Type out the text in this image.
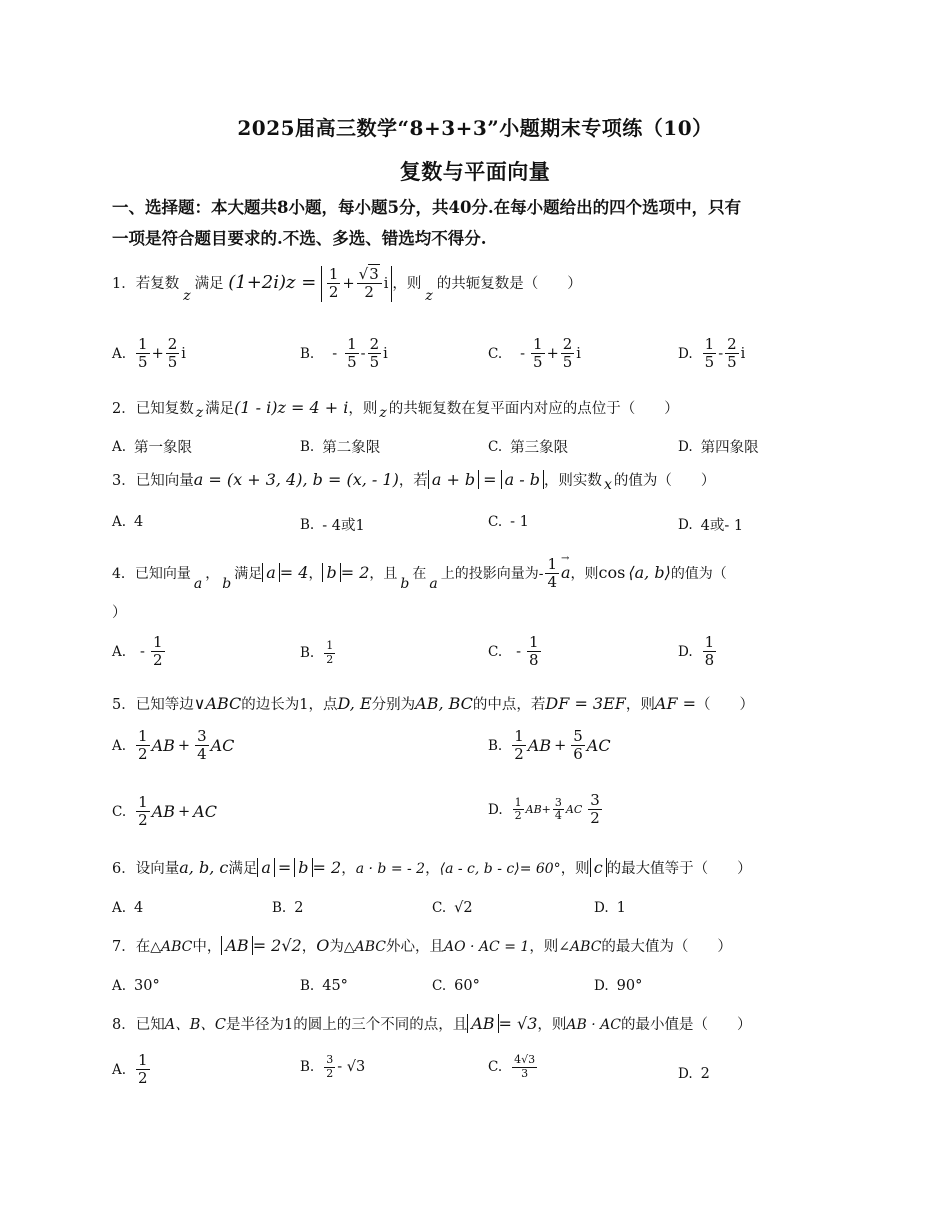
2025届高三数学“8+3+3”小题期末专项练（10）
复数与平面向量
一、选择题：本大题共8小题，每小题5分，共40分.在每小题给出的四个选项中，只有
一项是符合题目要求的.不选、多选、错选均不得分.
1．若复数z满足 $(1+2i)z = \frac{1}{2} + \frac{√3}{2}$ i ，则z的共轭复数是（　　）
A. $\frac{1}{5} + \frac{2}{5}$ i	B. - $\frac{1}{5} - \frac{2}{5}$ i	C. - $\frac{1}{5} + \frac{2}{5}$ i	D. $\frac{1}{5} - \frac{2}{5}$ i
2．已知复数 z 满足(1 - i)z = 4 + i，则 z 的共轭复数在复平面内对应的点位于（　　）
A. 第一象限	B. 第二象限	C. 第三象限	D. 第四象限
3．已知向量a = (x + 3, 4), b = (x, - 1)，若 a + b = a - b ，则实数 x 的值为（　　）
A. 4	B. - 4或1	C. - 1	D. 4或- 1
4．已知向量a，b满足 a = 4， b = 2，且b在a上的投影向量为- $\frac{1}{4}$
→ a，则cos ⟨a, b⟩的值为（
）
A. - $\frac{1}{2}$	B. $\frac{1}{2}$	C. - $\frac{1}{8}$	D. $\frac{1}{8}$
5．已知等边∨ABC的边长为1，点D, E分别为AB, BC的中点，若DF = 3EF，则AF =（　　）
A. $\frac{1}{2}$ AB + $\frac{3}{4}$ AC	B. $\frac{1}{2}$ AB + $\frac{5}{6}$ AC
C. $\frac{1}{2}$ AB + AC	D. $\frac{1}{2}$ AB + $\frac{3}{4}$ AC $\frac{3}{2}$
6．设向量a, b, c满足 a = b = 2，a · b = - 2，⟨a - c, b - c⟩= 60°，则 c 的最大值等于（　　）
A. 4	B. 2	C. √2	D. 1
7．在△ABC中， AB = 2√2，O为△ABC外心，且AO · AC = 1，则∠ABC的最大值为（　　）
A. 30°	B. 45°	C. 60°	D. 90°
8．已知A、B、C是半径为1的圆上的三个不同的点，且 AB = √3，则AB · AC的最小值是（　　）
A. $\frac{1}{2}$	B. $\frac{3}{2} - √3$	C. $\frac{4√3}{3}$	D. 2
